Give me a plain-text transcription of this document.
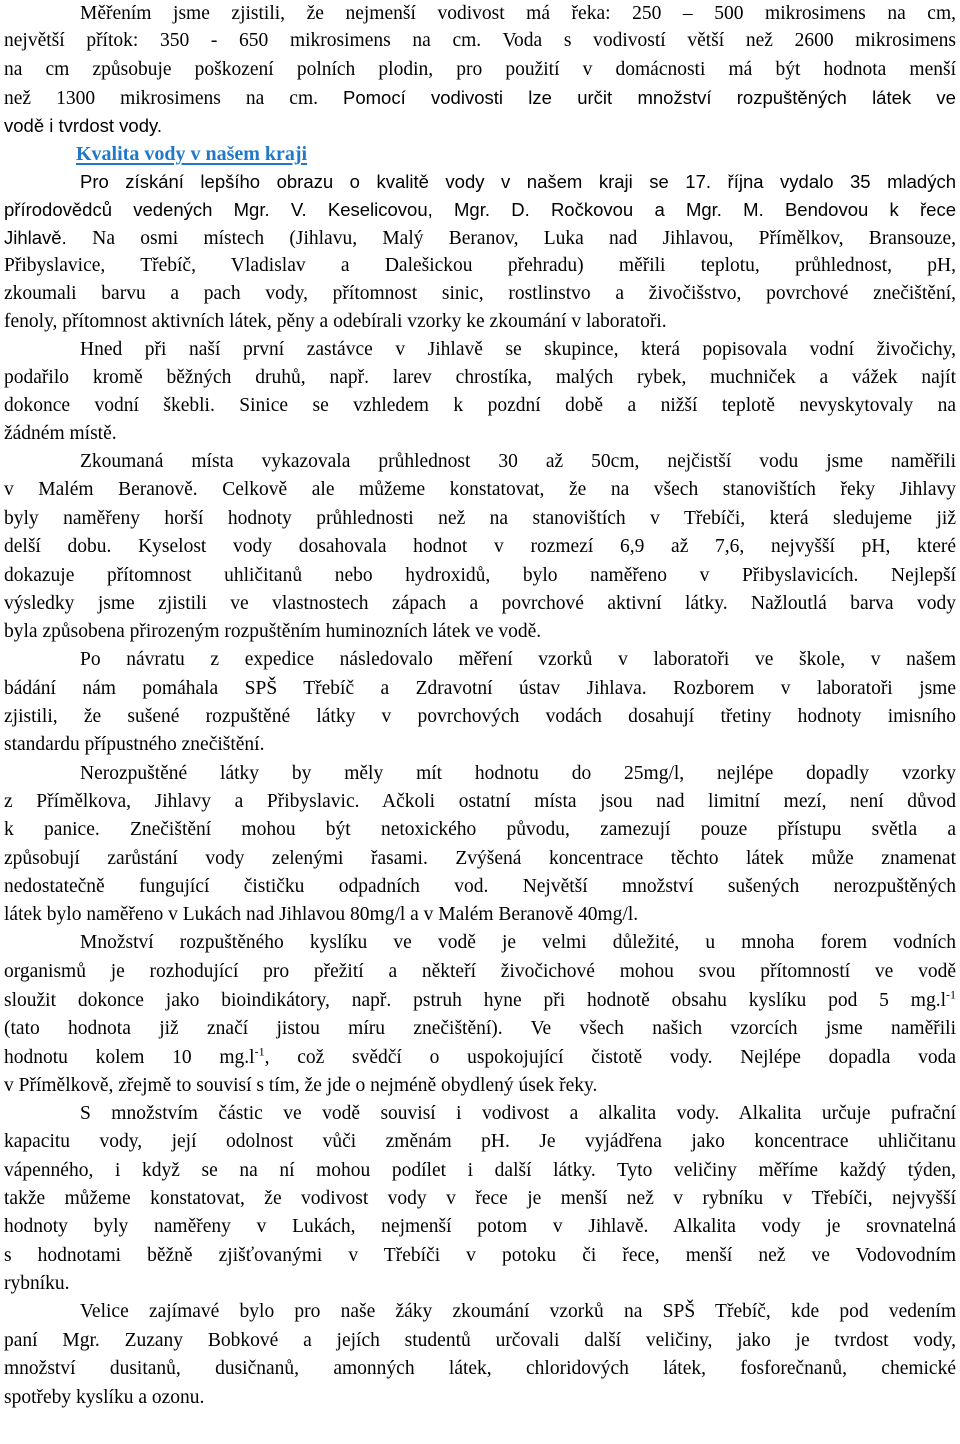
Měřením jsme zjistili, že nejmenší vodivost má řeka: 250 – 500 mikrosimens na cm,
největší přítok: 350 - 650 mikrosimens na cm. Voda s vodivostí větší než 2600 mikrosimens
na cm způsobuje poškození polních plodin, pro použití v domácnosti má být hodnota menší
než 1300 mikrosimens na cm. Pomocí vodivosti lze určit množství rozpuštěných látek ve
vodě i tvrdost vody.
Pro získání lepšího obrazu o kvalitě vody v našem kraji se 17. října vydalo 35 mladých
přírodovědců vedených Mgr. V. Keselicovou, Mgr. D. Ročkovou a Mgr. M. Bendovou k řece
Jihlavě. Na osmi místech (Jihlavu, Malý Beranov, Luka nad Jihlavou, Přímělkov, Bransouze,
Přibyslavice, Třebíč, Vladislav a Dalešickou přehradu) měřili teplotu, průhlednost, pH,
zkoumali barvu a pach vody, přítomnost sinic, rostlinstvo a živočišstvo, povrchové znečištění,
fenoly, přítomnost aktivních látek, pěny a odebírali vzorky ke zkoumání v laboratoři.
Hned při naší první zastávce v Jihlavě se skupince, která popisovala vodní živočichy,
podařilo kromě běžných druhů, např. larev chrostíka, malých rybek, muchniček a vážek najít
dokonce vodní škebli. Sinice se vzhledem k pozdní době a nižší teplotě nevyskytovaly na
žádném místě.
Zkoumaná místa vykazovala průhlednost 30 až 50cm, nejčistší vodu jsme naměřili
v Malém Beranově. Celkově ale můžeme konstatovat, že na všech stanovištích řeky Jihlavy
byly naměřeny horší hodnoty průhlednosti než na stanovištích v Třebíči, která sledujeme již
delší dobu. Kyselost vody dosahovala hodnot v rozmezí 6,9 až 7,6, nejvyšší pH, které
dokazuje přítomnost uhličitanů nebo hydroxidů, bylo naměřeno v Přibyslavicích. Nejlepší
výsledky jsme zjistili ve vlastnostech zápach a povrchové aktivní látky. Nažloutlá barva vody
byla způsobena přirozeným rozpuštěním huminozních látek ve vodě.
Po návratu z expedice následovalo měření vzorků v laboratoři ve škole, v našem
bádání nám pomáhala SPŠ Třebíč a Zdravotní ústav Jihlava. Rozborem v laboratoři jsme
zjistili, že sušené rozpuštěné látky v povrchových vodách dosahují třetiny hodnoty imisního
standardu přípustného znečištění.
Nerozpuštěné látky by měly mít hodnotu do 25mg/l, nejlépe dopadly vzorky
z Přímělkova, Jihlavy a Přibyslavic. Ačkoli ostatní místa jsou nad limitní mezí, není důvod
k panice. Znečištění mohou být netoxického původu, zamezují pouze přístupu světla a
způsobují zarůstání vody zelenými řasami. Zvýšená koncentrace těchto látek může znamenat
nedostatečně fungující čističku odpadních vod. Největší množství sušených nerozpuštěných
látek bylo naměřeno v Lukách nad Jihlavou 80mg/l a v Malém Beranově 40mg/l.
Množství rozpuštěného kyslíku ve vodě je velmi důležité, u mnoha forem vodních
organismů je rozhodující pro přežití a někteří živočichové mohou svou přítomností ve vodě
sloužit dokonce jako bioindikátory, např. pstruh hyne při hodnotě obsahu kyslíku pod 5 $mg.l^{-1}$
(tato hodnota již značí jistou míru znečištění). Ve všech našich vzorcích jsme naměřili
hodnotu kolem 10 $mg.l^{-1}$, což svědčí o uspokojující čistotě vody. Nejlépe dopadla voda
v Přímělkově, zřejmě to souvisí s tím, že jde o nejméně obydlený úsek řeky.
S množstvím částic ve vodě souvisí i vodivost a alkalita vody. Alkalita určuje pufrační
kapacitu vody, její odolnost vůči změnám pH. Je vyjádřena jako koncentrace uhličitanu
vápenného, i když se na ní mohou podílet i další látky. Tyto veličiny měříme každý týden,
takže můžeme konstatovat, že vodivost vody v řece je menší než v rybníku v Třebíči, nejvyšší
hodnoty byly naměřeny v Lukách, nejmenší potom v Jihlavě. Alkalita vody je srovnatelná
s hodnotami běžně zjišťovanými v Třebíči v potoku či řece, menší než ve Vodovodním
rybníku.
Velice zajímavé bylo pro naše žáky zkoumání vzorků na SPŠ Třebíč, kde pod vedením
paní Mgr. Zuzany Bobkové a jejích studentů určovali další veličiny, jako je tvrdost vody,
množství dusitanů, dusičnanů, amonných látek, chloridových látek, fosforečnanů, chemické
spotřeby kyslíku a ozonu.
Kvalita vody v našem kraji
